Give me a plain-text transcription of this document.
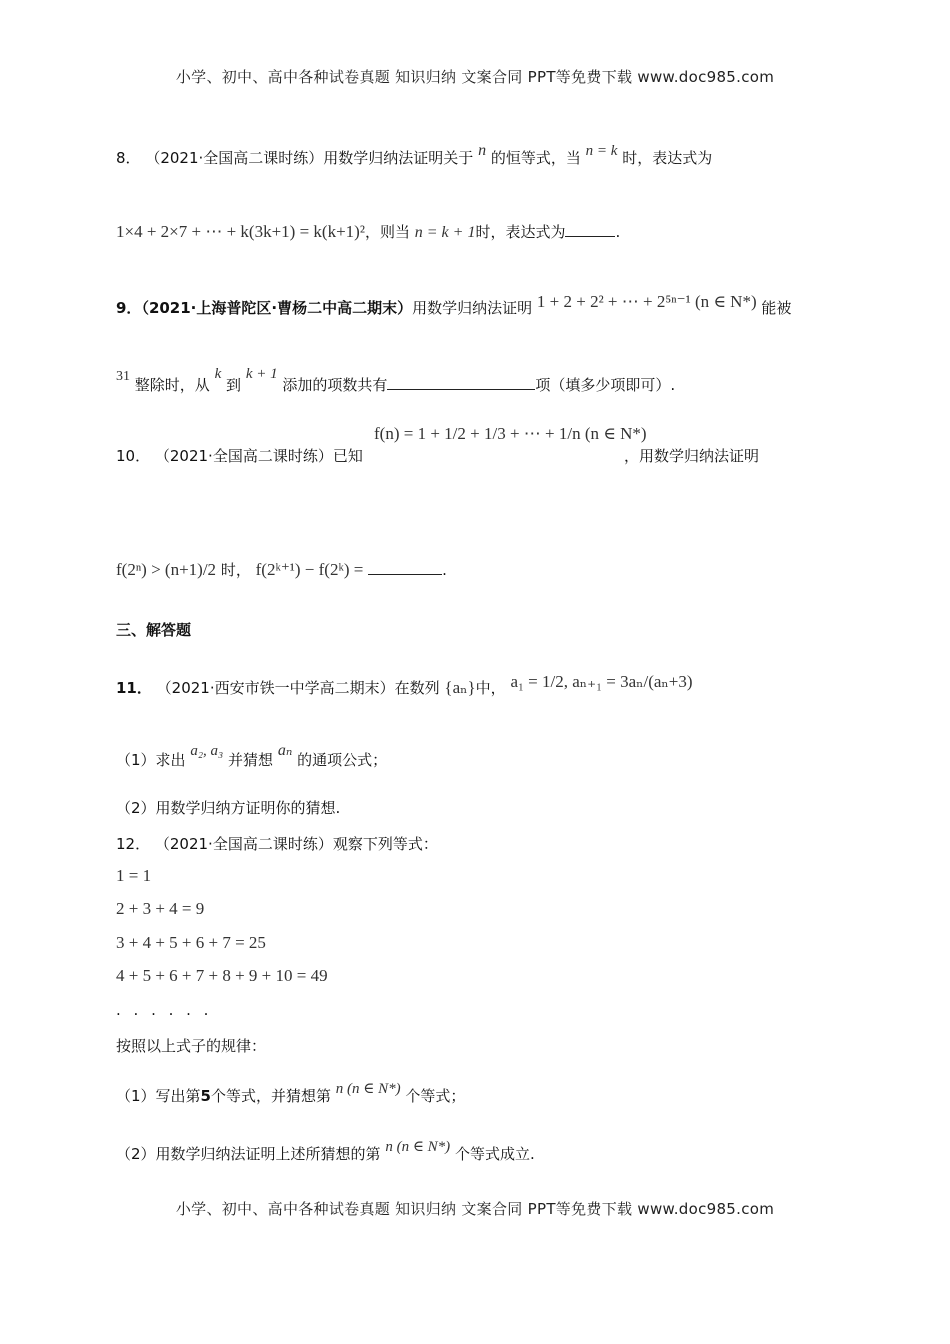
小学、初中、高中各种试卷真题 知识归纳 文案合同 PPT等免费下载 www.doc985.com
8． （2021·全国高二课时练）用数学归纳法证明关于 n 的恒等式，当 n = k 时，表达式为
1×4 + 2×7 + ⋯ + k(3k+1) = k(k+1)²，则当 n = k + 1时，表达式为	.
9．（2021·上海普陀区·曹杨二中高二期末）用数学归纳法证明 1 + 2 + 2² + ⋯ + 2⁵ⁿ⁻¹ (n ∈ N*) 能被
31 整除时，从 k 到 k + 1 添加的项数共有	项（填多少项即可）.
10． （2021·全国高二课时练）已知
f(n) = 1 + 1/2 + 1/3 + ⋯ + 1/n (n ∈ N*)
，用数学归纳法证明
f(2ⁿ) > (n+1)/2 时， f(2ᵏ⁺¹) − f(2ᵏ) =	.
三、解答题
11． （2021·西安市铁一中学高二期末）在数列 {aₙ}中， a₁ = 1/2, aₙ₊₁ = 3aₙ/(aₙ+3)
（1）求出 a₂, a₃ 并猜想 aₙ 的通项公式；
（2）用数学归纳方证明你的猜想.
12． （2021·全国高二课时练）观察下列等式：
1 = 1
2 + 3 + 4 = 9
3 + 4 + 5 + 6 + 7 = 25
4 + 5 + 6 + 7 + 8 + 9 + 10 = 49
. . . . . .
按照以上式子的规律：
（1）写出第5个等式，并猜想第 n (n ∈ N*) 个等式；
（2）用数学归纳法证明上述所猜想的第 n (n ∈ N*) 个等式成立.
小学、初中、高中各种试卷真题 知识归纳 文案合同 PPT等免费下载 www.doc985.com
